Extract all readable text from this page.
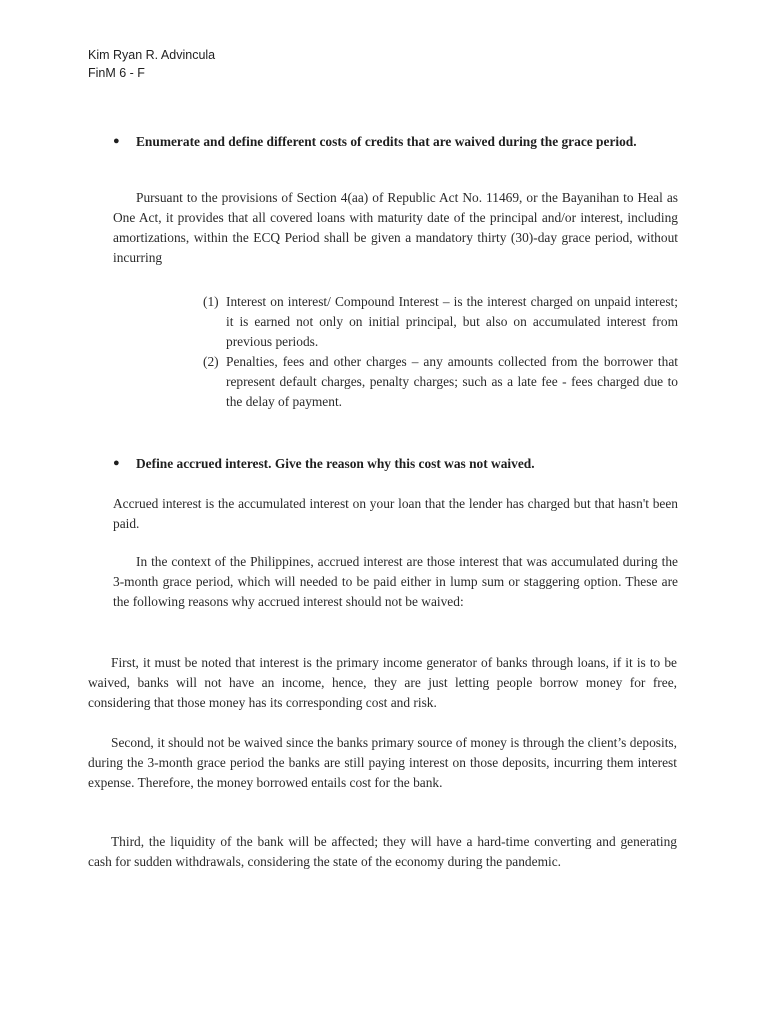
Kim Ryan R. Advincula
FinM 6 - F
● Enumerate and define different costs of credits that are waived during the grace period.
Pursuant to the provisions of Section 4(aa) of Republic Act No. 11469, or the Bayanihan to Heal as One Act, it provides that all covered loans with maturity date of the principal and/or interest, including amortizations, within the ECQ Period shall be given a mandatory thirty (30)-day grace period, without incurring
(1) Interest on interest/ Compound Interest – is the interest charged on unpaid interest; it is earned not only on initial principal, but also on accumulated interest from previous periods.
(2) Penalties, fees and other charges – any amounts collected from the borrower that represent default charges, penalty charges; such as a late fee - fees charged due to the delay of payment.
● Define accrued interest. Give the reason why this cost was not waived.
Accrued interest is the accumulated interest on your loan that the lender has charged but that hasn't been paid.
In the context of the Philippines, accrued interest are those interest that was accumulated during the 3-month grace period, which will needed to be paid either in lump sum or staggering option. These are the following reasons why accrued interest should not be waived:
First, it must be noted that interest is the primary income generator of banks through loans, if it is to be waived, banks will not have an income, hence, they are just letting people borrow money for free, considering that those money has its corresponding cost and risk.
Second, it should not be waived since the banks primary source of money is through the client’s deposits, during the 3-month grace period the banks are still paying interest on those deposits, incurring them interest expense. Therefore, the money borrowed entails cost for the bank.
Third, the liquidity of the bank will be affected; they will have a hard-time converting and generating cash for sudden withdrawals, considering the state of the economy during the pandemic.
